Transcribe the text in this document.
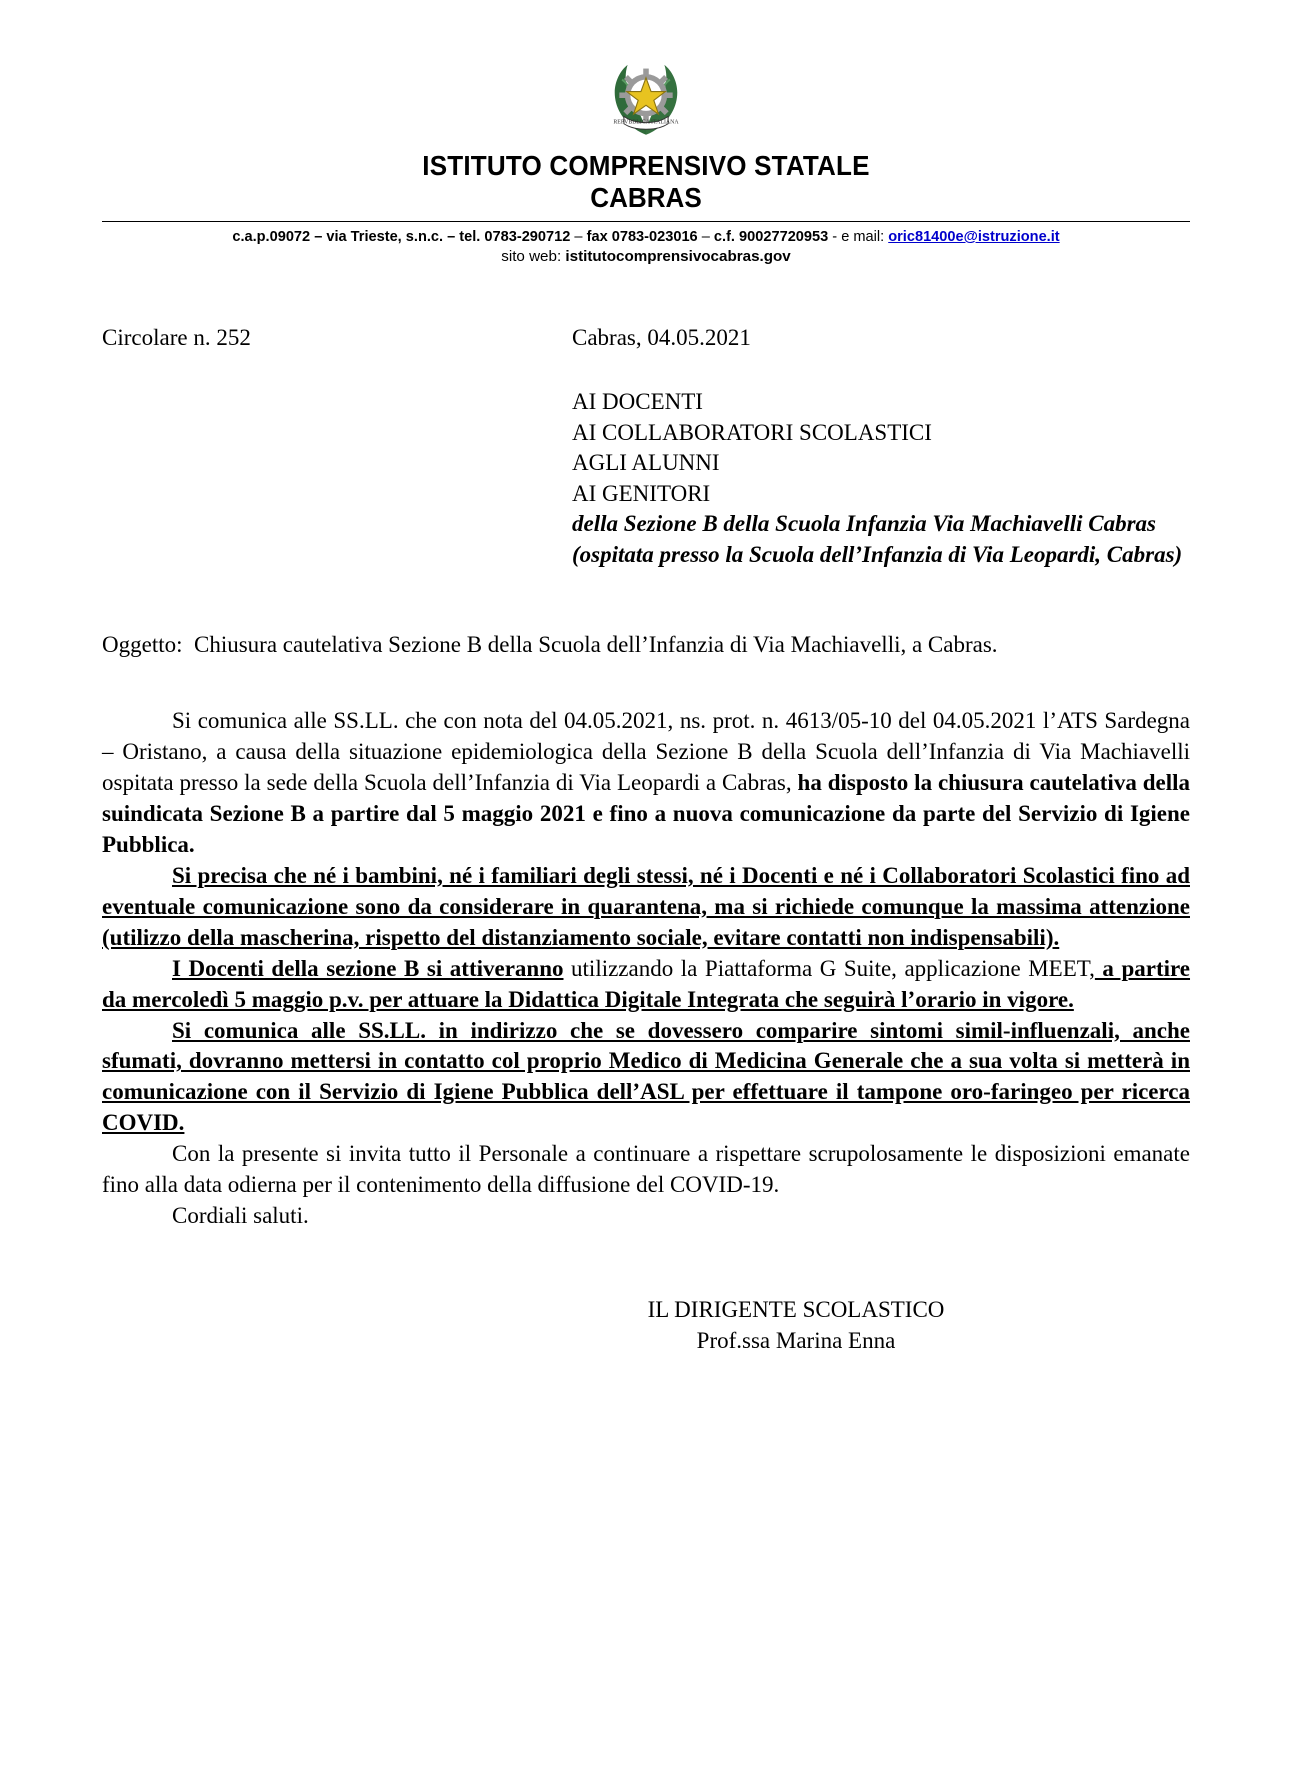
REPVBBLICA ITALIANA
ISTITUTO COMPRENSIVO STATALE
CABRAS
c.a.p.09072 – via Trieste, s.n.c. – tel. 0783-290712 – fax 0783-023016 – c.f. 90027720953 - e mail: oric81400e@istruzione.it
sito web: istitutocomprensivocabras.gov
Circolare n. 252	Cabras, 04.05.2021
AI DOCENTI
AI COLLABORATORI SCOLASTICI
AGLI ALUNNI
AI GENITORI
della Sezione B della Scuola Infanzia Via Machiavelli Cabras (ospitata presso la Scuola dell’Infanzia di Via Leopardi, Cabras)
Oggetto: Chiusura cautelativa Sezione B della Scuola dell’Infanzia di Via Machiavelli, a Cabras.

Si comunica alle SS.LL. che con nota del 04.05.2021, ns. prot. n. 4613/05-10 del 04.05.2021 l’ATS Sardegna – Oristano, a causa della situazione epidemiologica della Sezione B della Scuola dell’Infanzia di Via Machiavelli ospitata presso la sede della Scuola dell’Infanzia di Via Leopardi a Cabras, ha disposto la chiusura cautelativa della suindicata Sezione B a partire dal 5 maggio 2021 e fino a nuova comunicazione da parte del Servizio di Igiene Pubblica.

Si precisa che né i bambini, né i familiari degli stessi, né i Docenti e né i Collaboratori Scolastici fino ad eventuale comunicazione sono da considerare in quarantena, ma si richiede comunque la massima attenzione (utilizzo della mascherina, rispetto del distanziamento sociale, evitare contatti non indispensabili).

I Docenti della sezione B si attiveranno utilizzando la Piattaforma G Suite, applicazione MEET, a partire da mercoledì 5 maggio p.v. per attuare la Didattica Digitale Integrata che seguirà l’orario in vigore.

Si comunica alle SS.LL. in indirizzo che se dovessero comparire sintomi simil-influenzali, anche sfumati, dovranno mettersi in contatto col proprio Medico di Medicina Generale che a sua volta si metterà in comunicazione con il Servizio di Igiene Pubblica dell’ASL per effettuare il tampone oro-faringeo per ricerca COVID.

Con la presente si invita tutto il Personale a continuare a rispettare scrupolosamente le disposizioni emanate fino alla data odierna per il contenimento della diffusione del COVID-19.

Cordiali saluti.

IL DIRIGENTE SCOLASTICO
Prof.ssa Marina Enna
